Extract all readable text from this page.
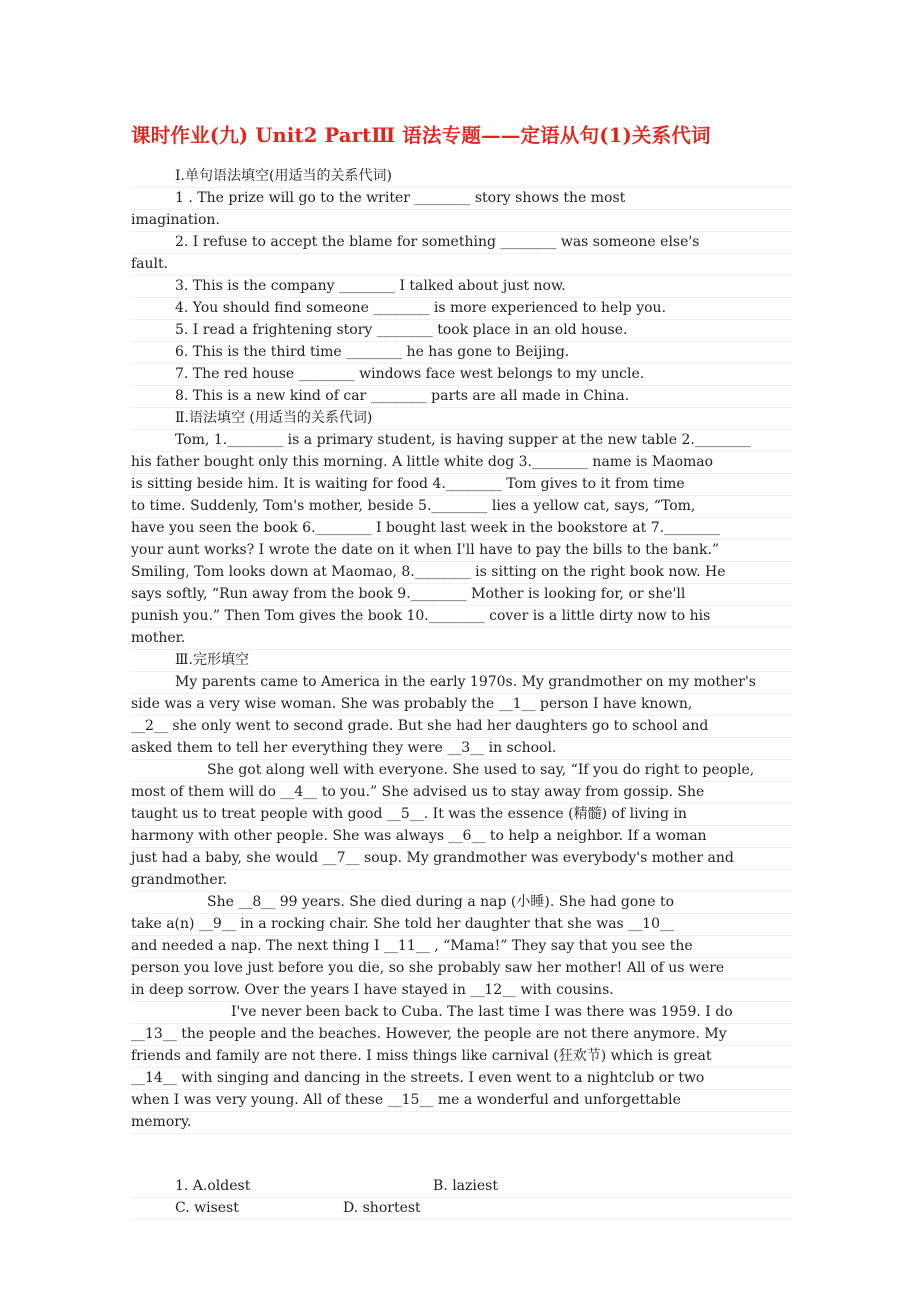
课时作业(九) Unit2 PartⅢ 语法专题——定语从句(1)关系代词
Ⅰ.单句语法填空(用适当的关系代词)
1 . The prize will go to the writer ________ story shows the most
imagination.
2. I refuse to accept the blame for something ________ was someone else's
fault.
3. This is the company ________ I talked about just now.
4. You should find someone ________ is more experienced to help you.
5. I read a frightening story ________ took place in an old house.
6. This is the third time ________ he has gone to Beijing.
7. The red house ________ windows face west belongs to my uncle.
8. This is a new kind of car ________ parts are all made in China.
Ⅱ.语法填空 (用适当的关系代词)
Tom, 1.________ is a primary student, is having supper at the new table 2.________
his father bought only this morning. A little white dog 3.________ name is Maomao
is sitting beside him. It is waiting for food 4.________ Tom gives to it from time
to time. Suddenly, Tom's mother, beside 5.________ lies a yellow cat, says, “Tom,
have you seen the book 6.________ I bought last week in the bookstore at 7.________
your aunt works? I wrote the date on it when I'll have to pay the bills to the bank.”
Smiling, Tom looks down at Maomao, 8.________ is sitting on the right book now. He
says softly, “Run away from the book 9.________ Mother is looking for, or she'll
punish you.” Then Tom gives the book 10.________ cover is a little dirty now to his
mother.
Ⅲ.完形填空
My parents came to America in the early 1970s. My grandmother on my mother's
side was a very wise woman. She was probably the __1__ person I have known,
__2__ she only went to second grade. But she had her daughters go to school and
asked them to tell her everything they were __3__ in school.
She got along well with everyone. She used to say, “If you do right to people,
most of them will do __4__ to you.” She advised us to stay away from gossip. She
taught us to treat people with good __5__. It was the essence (精髓) of living in
harmony with other people. She was always __6__ to help a neighbor. If a woman
just had a baby, she would __7__ soup. My grandmother was everybody's mother and
grandmother.
She __8__ 99 years. She died during a nap (小睡). She had gone to
take a(n) __9__ in a rocking chair. She told her daughter that she was __10__
and needed a nap. The next thing I __11__ , “Mama!” They say that you see the
person you love just before you die, so she probably saw her mother! All of us were
in deep sorrow. Over the years I have stayed in __12__ with cousins.
I've never been back to Cuba. The last time I was there was 1959. I do
__13__ the people and the beaches. However, the people are not there anymore. My
friends and family are not there. I miss things like carnival (狂欢节) which is great
__14__ with singing and dancing in the streets. I even went to a nightclub or two
when I was very young. All of these __15__ me a wonderful and unforgettable
memory.
1. A.oldest	B. laziest
C. wisest	D. shortest
